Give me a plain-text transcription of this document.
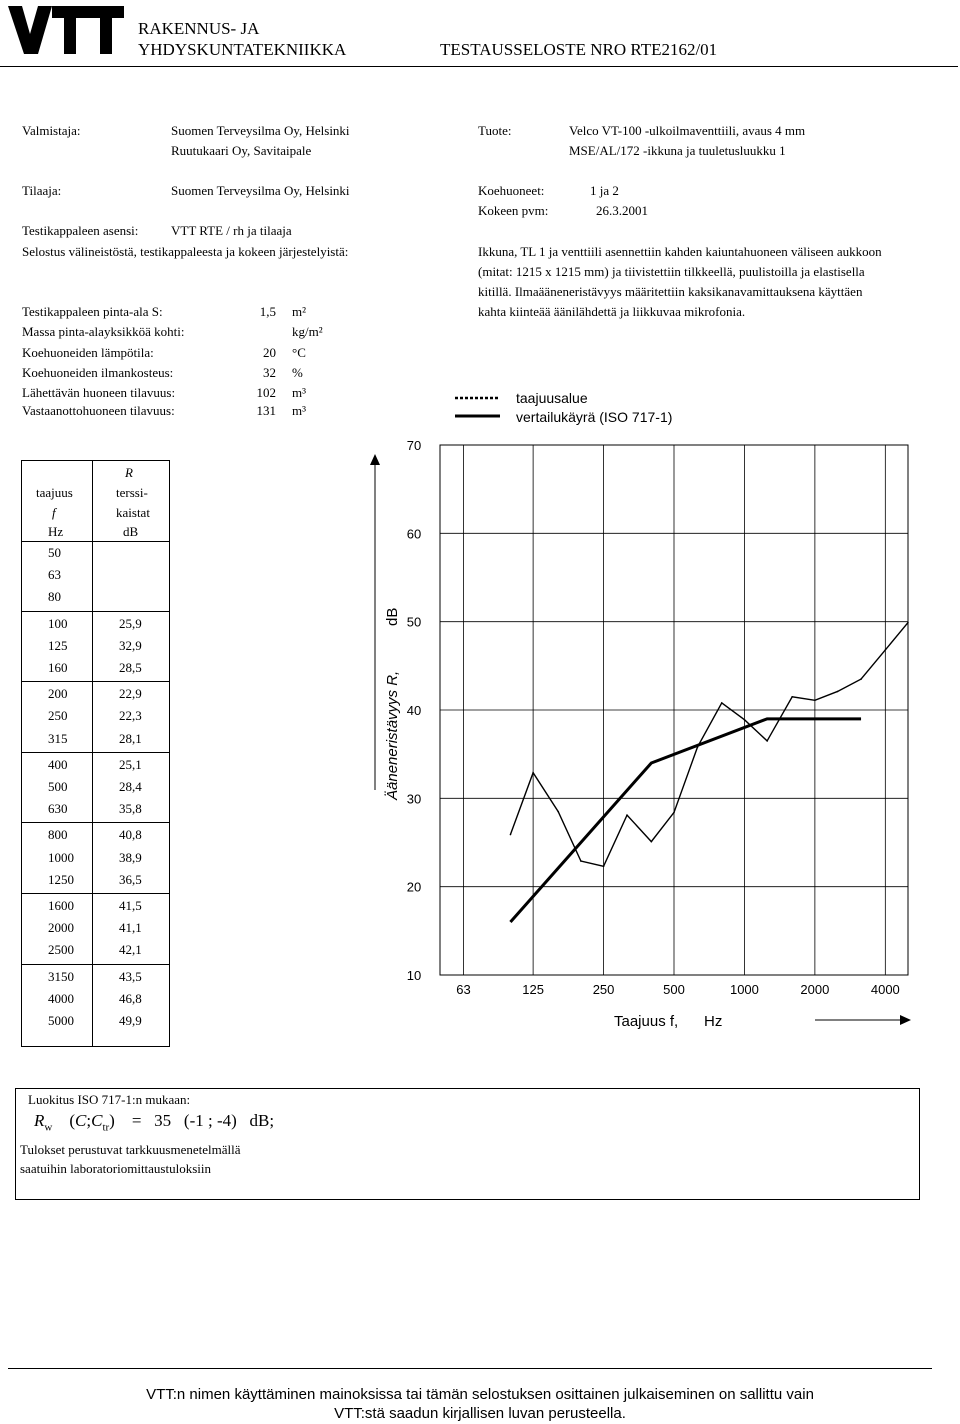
RAKENNUS- JA
YHDYSKUNTATEKNIIKKA	TESTAUSSELOSTE NRO RTE2162/01
Valmistaja:	Suomen Terveysilma Oy, Helsinki
Ruutukaari Oy, Savitaipale
Tuote:	Velco VT-100 -ulkoilmaventtiili, avaus 4 mm
MSE/AL/172 -ikkuna ja tuuletusluukku 1
Tilaaja:	Suomen Terveysilma Oy, Helsinki	Koehuoneet:	1 ja 2
Kokeen pvm:	26.3.2001
Testikappaleen asensi:	VTT RTE / rh ja tilaaja
Selostus välineistöstä, testikappaleesta ja kokeen järjestelyistä:	Ikkuna, TL 1 ja venttiili asennettiin kahden kaiuntahuoneen väliseen aukkoon
(mitat: 1215 x 1215 mm) ja tiivistettiin tilkkeellä, puulistoilla ja elastisella
kitillä. Ilmaääneneristävyys määritettiin kaksikanavamittauksena käyttäen
kahta kiinteää äänilähdettä ja liikkuvaa mikrofonia.
Testikappaleen pinta-ala S:	1,5 m²
Massa pinta-alayksikköä kohti:	kg/m²
Koehuoneiden lämpötila:	20 °C
Koehuoneiden ilmankosteus:	32 %
Lähettävän huoneen tilavuus:	102 m³
Vastaanottohuoneen tilavuus:	131 m³
taajuus
f
Hz
R
terssi-
kaistat
dB
50
63
80
100	25,9
125	32,9
160	28,5
200	22,9
250	22,3
315	28,1
400	25,1
500	28,4
630	35,8
800	40,8
1000	38,9
1250	36,5
1600	41,5
2000	41,1
2500	42,1
3150	43,5
4000	46,8
5000	49,9
10
20
30
40
50
60
70
63	125	250	500	1000	2000	4000
Ääneneristävyys R,
dB
Taajuus f, Hz
taajuusalue
vertailukäyrä (ISO 717-1)
Luokitus ISO 717-1:n mukaan:
$R_w$ $(C;C_{tr}) = 35$   (-1 ; -4)   dB;
Tulokset perustuvat tarkkuusmenetelmällä
saatuihin laboratoriomittaustuloksiin
VTT:n nimen käyttäminen mainoksissa tai tämän selostuksen osittainen julkaiseminen on sallittu vain
VTT:stä saadun kirjallisen luvan perusteella.
